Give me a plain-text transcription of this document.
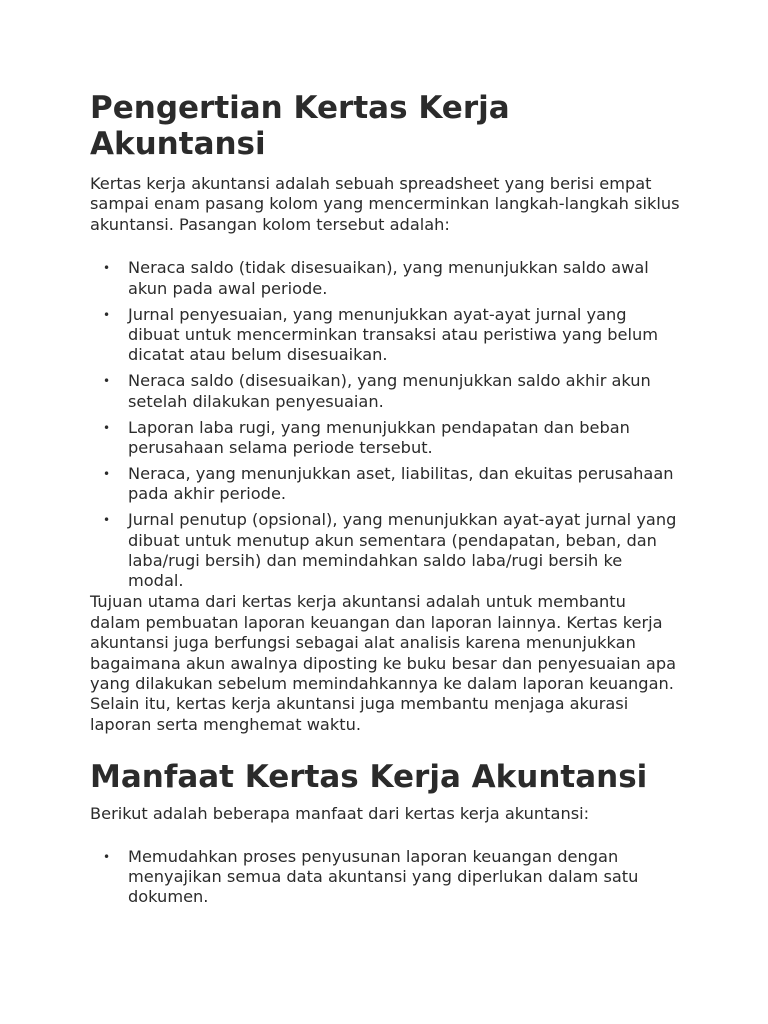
Pengertian Kertas Kerja Akuntansi

Kertas kerja akuntansi adalah sebuah spreadsheet yang berisi empat sampai enam pasang kolom yang mencerminkan langkah-langkah siklus akuntansi. Pasangan kolom tersebut adalah:

• Neraca saldo (tidak disesuaikan), yang menunjukkan saldo awal akun pada awal periode.
• Jurnal penyesuaian, yang menunjukkan ayat-ayat jurnal yang dibuat untuk mencerminkan transaksi atau peristiwa yang belum dicatat atau belum disesuaikan.
• Neraca saldo (disesuaikan), yang menunjukkan saldo akhir akun setelah dilakukan penyesuaian.
• Laporan laba rugi, yang menunjukkan pendapatan dan beban perusahaan selama periode tersebut.
• Neraca, yang menunjukkan aset, liabilitas, dan ekuitas perusahaan pada akhir periode.
• Jurnal penutup (opsional), yang menunjukkan ayat-ayat jurnal yang dibuat untuk menutup akun sementara (pendapatan, beban, dan laba/rugi bersih) dan memindahkan saldo laba/rugi bersih ke modal.

Tujuan utama dari kertas kerja akuntansi adalah untuk membantu dalam pembuatan laporan keuangan dan laporan lainnya. Kertas kerja akuntansi juga berfungsi sebagai alat analisis karena menunjukkan bagaimana akun awalnya diposting ke buku besar dan penyesuaian apa yang dilakukan sebelum memindahkannya ke dalam laporan keuangan. Selain itu, kertas kerja akuntansi juga membantu menjaga akurasi laporan serta menghemat waktu.

Manfaat Kertas Kerja Akuntansi

Berikut adalah beberapa manfaat dari kertas kerja akuntansi:

• Memudahkan proses penyusunan laporan keuangan dengan menyajikan semua data akuntansi yang diperlukan dalam satu dokumen.
